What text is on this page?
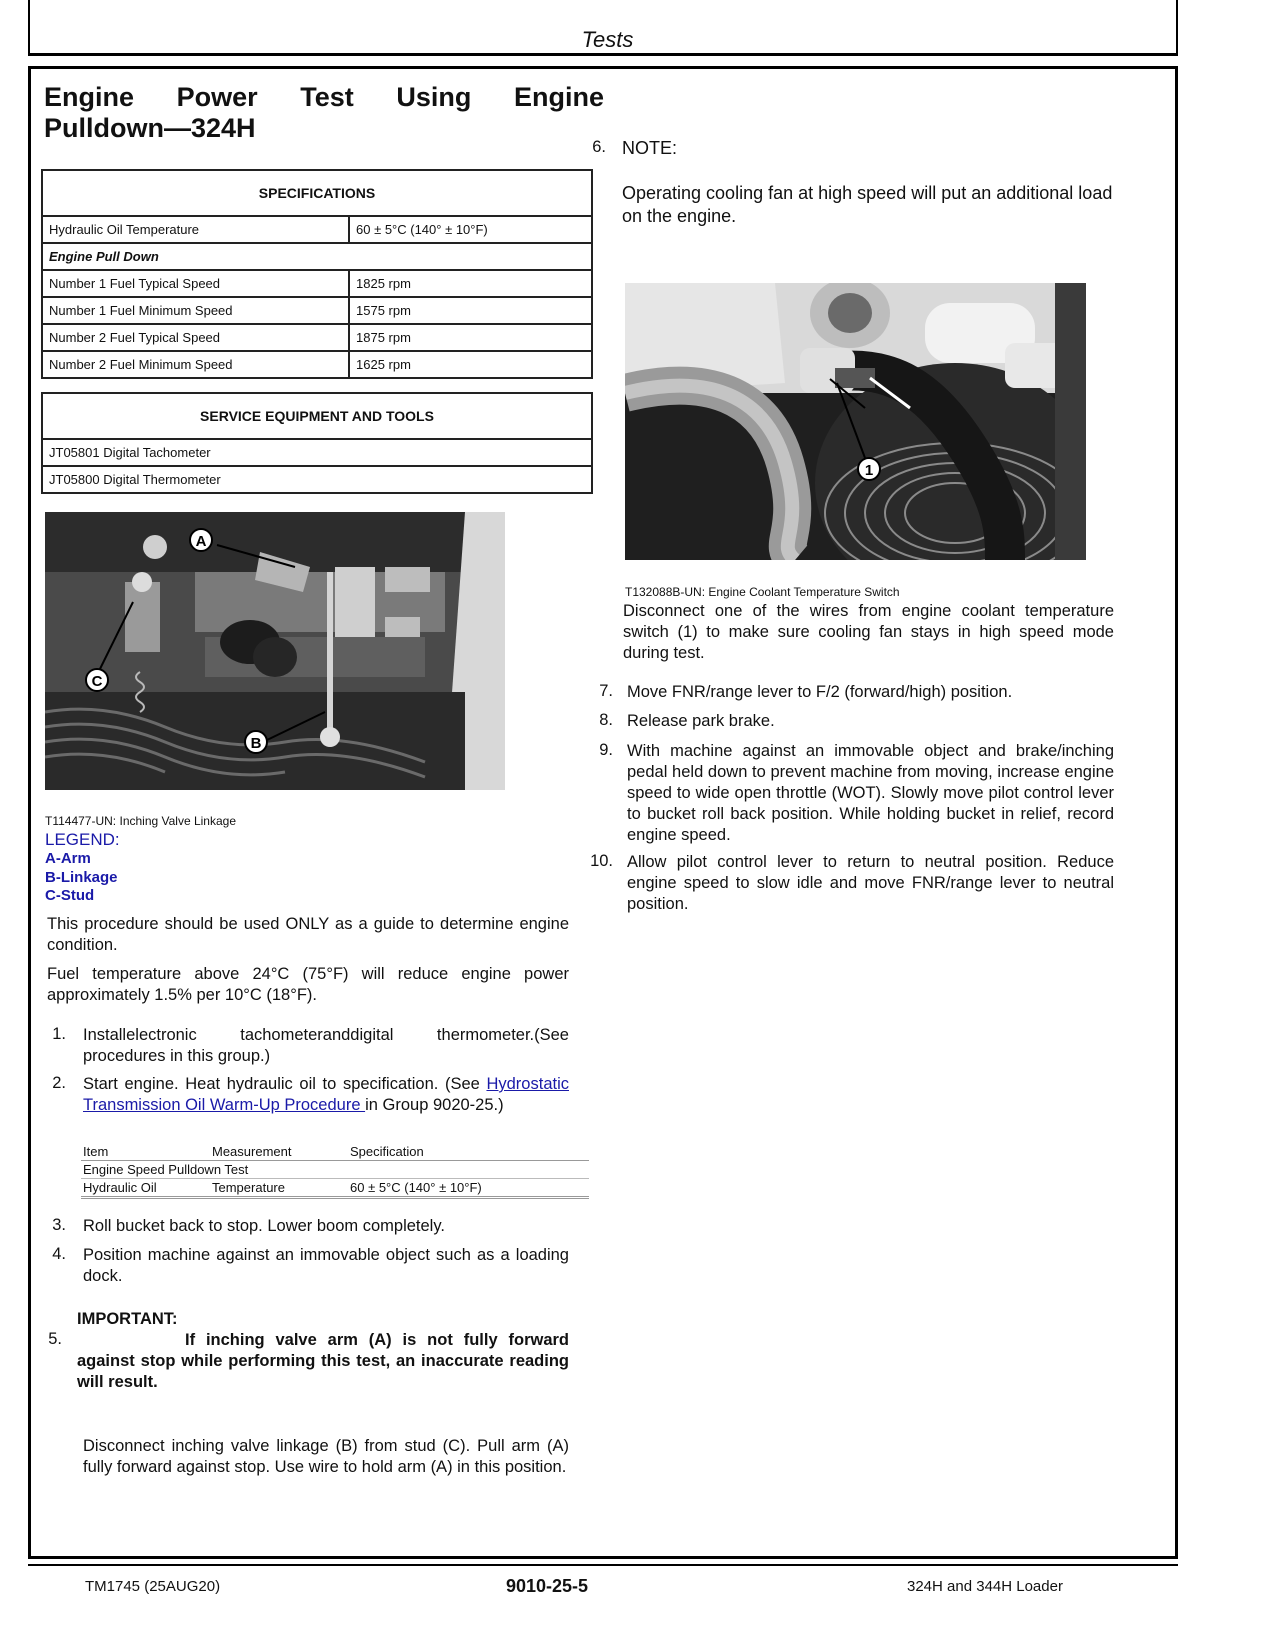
Tests
Engine Power Test Using Engine
Pulldown—324H
SPECIFICATIONS	
Hydraulic Oil Temperature	60 ± 5°C (140° ± 10°F)
Engine Pull Down	
Number 1 Fuel Typical Speed	1825 rpm
Number 1 Fuel Minimum Speed	1575 rpm
Number 2 Fuel Typical Speed	1875 rpm
Number 2 Fuel Minimum Speed	1625 rpm
SERVICE EQUIPMENT AND TOOLS
JT05801 Digital Tachometer
JT05800 Digital Thermometer
A
B
C
T114477-UN: Inching Valve Linkage
LEGEND:
A-Arm
B-Linkage
C-Stud
This procedure should be used ONLY as a guide to determine engine condition.
Fuel temperature above 24°C (75°F) will reduce engine power approximately 1.5% per 10°C (18°F).
1. Installelectronic tachometeranddigital thermometer.(See procedures in this group.)
2. Start engine. Heat hydraulic oil to specification. (See Hydrostatic Transmission Oil Warm-Up Procedure in Group 9020-25.)
Item	Measurement	Specification
Engine Speed Pulldown Test		
Hydraulic Oil	Temperature	60 ± 5°C (140° ± 10°F)
3. Roll bucket back to stop. Lower boom completely.
4. Position machine against an immovable object such as a loading dock.
IMPORTANT:
5.	If inching valve arm (A) is not fully forward against stop while performing this test, an inaccurate reading will result.
Disconnect inching valve linkage (B) from stud (C). Pull arm (A) fully forward against stop. Use wire to hold arm (A) in this position.
6. NOTE:
Operating cooling fan at high speed will put an additional load on the engine.
1
T132088B-UN: Engine Coolant Temperature Switch
Disconnect one of the wires from engine coolant temperature switch (1) to make sure cooling fan stays in high speed mode during test.
7. Move FNR/range lever to F/2 (forward/high) position.
8. Release park brake.
9. With machine against an immovable object and brake/inching pedal held down to prevent machine from moving, increase engine speed to wide open throttle (WOT). Slowly move pilot control lever to bucket roll back position. While holding bucket in relief, record engine speed.
10. Allow pilot control lever to return to neutral position. Reduce engine speed to slow idle and move FNR/range lever to neutral position.
TM1745 (25AUG20)	9010-25-5	324H and 344H Loader
